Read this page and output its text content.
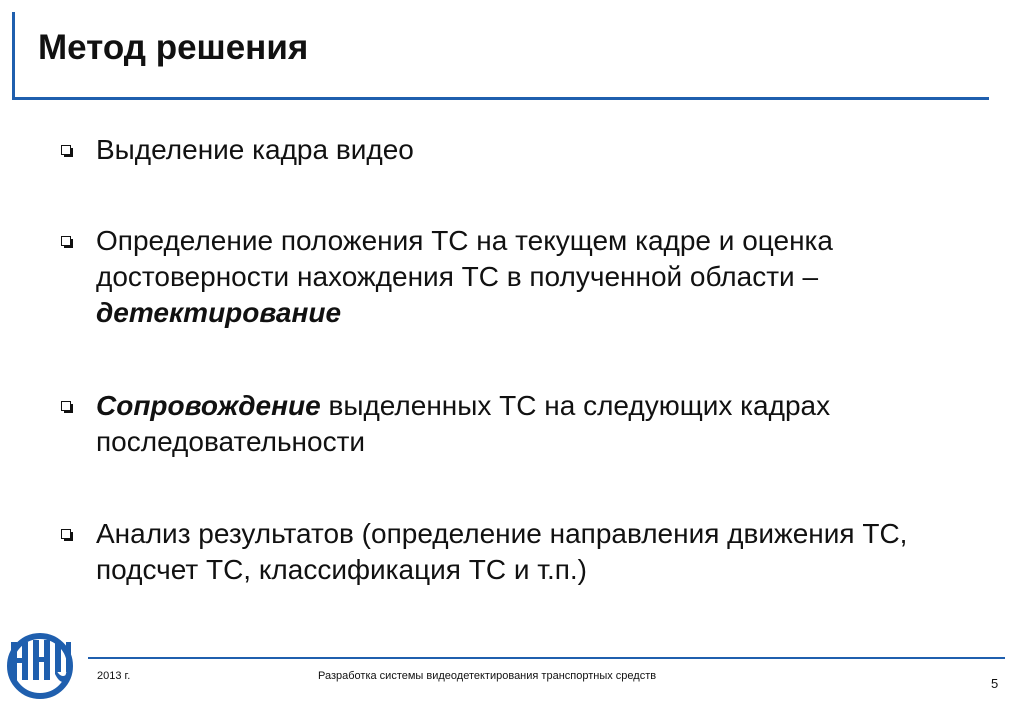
Метод решения
Выделение кадра видео
Определение положения ТС на текущем кадре и оценка достоверности нахождения ТС в полученной области – детектирование
Сопровождение выделенных ТС на следующих кадрах последовательности
Анализ результатов (определение направления движения ТС, подсчет ТС, классификация ТС и т.п.)
2013 г.	Разработка системы видеодетектирования транспортных средств	5
